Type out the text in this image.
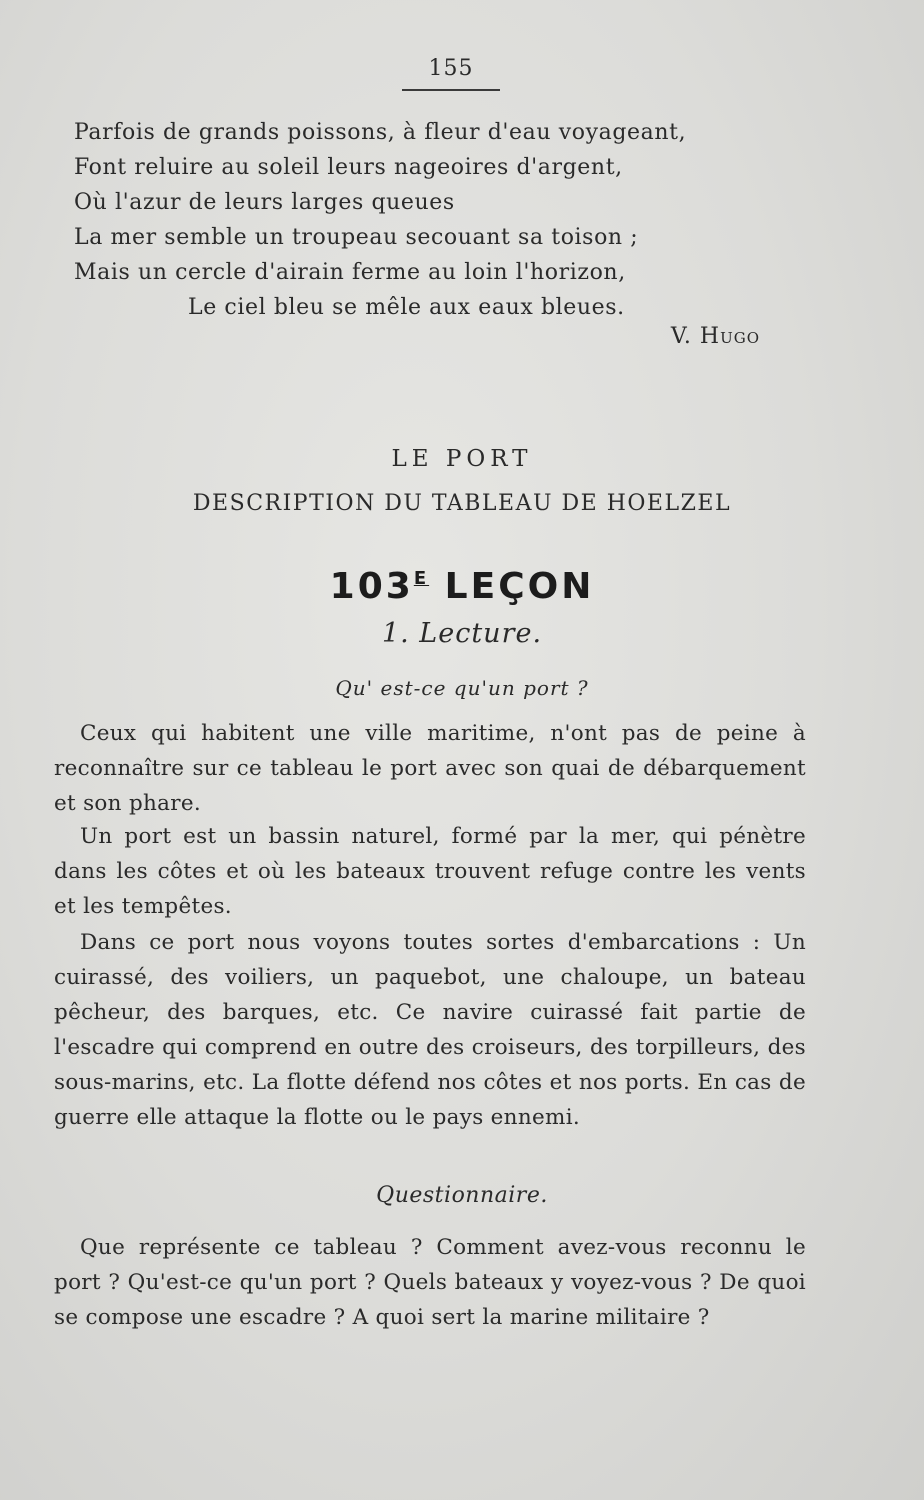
155
Parfois de grands poissons, à fleur d'eau voyageant,
Font reluire au soleil leurs nageoires d'argent,
Où l'azur de leurs larges queues
La mer semble un troupeau secouant sa toison ;
Mais un cercle d'airain ferme au loin l'horizon,
Le ciel bleu se mêle aux eaux bleues.
V. Hugo
LE PORT
DESCRIPTION DU TABLEAU DE HOELZEL
$103^E$ LEÇON
1. Lecture.
Qu' est-ce qu'un port ?

Ceux qui habitent une ville maritime, n'ont pas de peine à reconnaître sur ce tableau le port avec son quai de débarquement et son phare.

Un port est un bassin naturel, formé par la mer, qui pénètre dans les côtes et où les bateaux trouvent refuge contre les vents et les tempêtes.

Dans ce port nous voyons toutes sortes d'embarcations : Un cuirassé, des voiliers, un paquebot, une chaloupe, un bateau pêcheur, des barques, etc. Ce navire cuirassé fait partie de l'escadre qui comprend en outre des croiseurs, des torpilleurs, des sous-marins, etc. La flotte défend nos côtes et nos ports. En cas de guerre elle attaque la flotte ou le pays ennemi.

Questionnaire.

Que représente ce tableau ? Comment avez-vous reconnu le port ? Qu'est-ce qu'un port ? Quels bateaux y voyez-vous ? De quoi se compose une escadre ? A quoi sert la marine militaire ?
